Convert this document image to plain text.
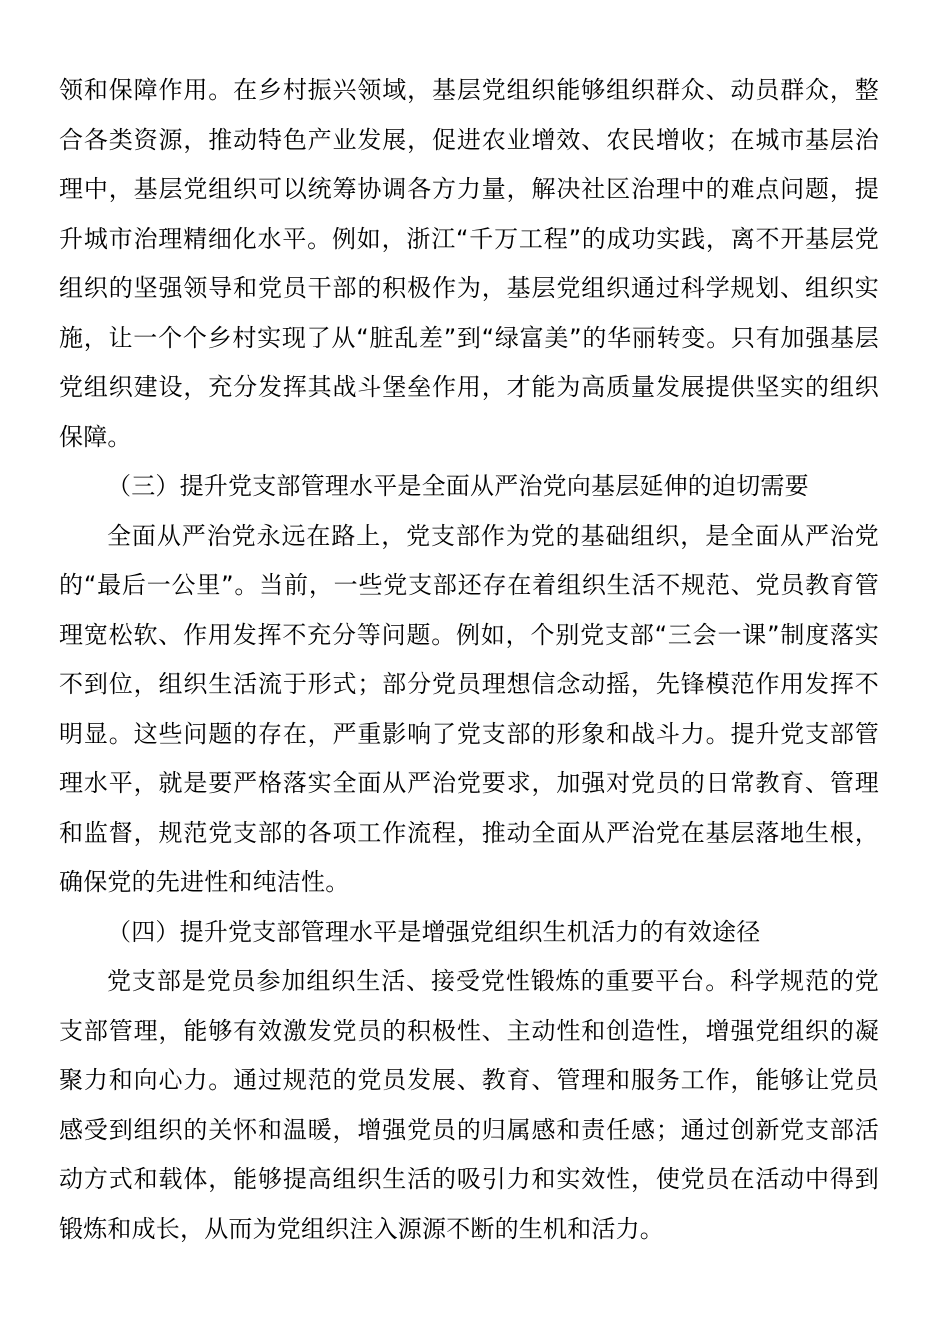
领和保障作用。在乡村振兴领域，基层党组织能够组织群众、动员群众，整合各类资源，推动特色产业发展，促进农业增效、农民增收；在城市基层治理中，基层党组织可以统筹协调各方力量，解决社区治理中的难点问题，提升城市治理精细化水平。例如，浙江“千万工程”的成功实践，离不开基层党组织的坚强领导和党员干部的积极作为，基层党组织通过科学规划、组织实施，让一个个乡村实现了从“脏乱差”到“绿富美”的华丽转变。只有加强基层党组织建设，充分发挥其战斗堡垒作用，才能为高质量发展提供坚实的组织保障。

（三）提升党支部管理水平是全面从严治党向基层延伸的迫切需要

全面从严治党永远在路上，党支部作为党的基础组织，是全面从严治党的“最后一公里”。当前，一些党支部还存在着组织生活不规范、党员教育管理宽松软、作用发挥不充分等问题。例如，个别党支部“三会一课”制度落实不到位，组织生活流于形式；部分党员理想信念动摇，先锋模范作用发挥不明显。这些问题的存在，严重影响了党支部的形象和战斗力。提升党支部管理水平，就是要严格落实全面从严治党要求，加强对党员的日常教育、管理和监督，规范党支部的各项工作流程，推动全面从严治党在基层落地生根，确保党的先进性和纯洁性。

（四）提升党支部管理水平是增强党组织生机活力的有效途径

党支部是党员参加组织生活、接受党性锻炼的重要平台。科学规范的党支部管理，能够有效激发党员的积极性、主动性和创造性，增强党组织的凝聚力和向心力。通过规范的党员发展、教育、管理和服务工作，能够让党员感受到组织的关怀和温暖，增强党员的归属感和责任感；通过创新党支部活动方式和载体，能够提高组织生活的吸引力和实效性，使党员在活动中得到锻炼和成长，从而为党组织注入源源不断的生机和活力。
